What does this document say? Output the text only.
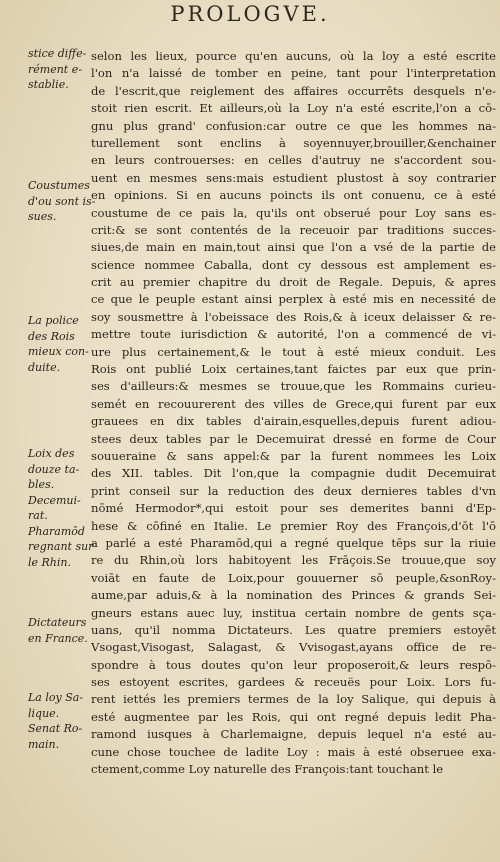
PROLOGVE.
stice diffe-
rément e-
stablie.
Coustumes
d'ou sont is-
sues.
La police
des Rois
mieux con-
duite.
Loix des
douze ta-
bles.
Decemui-
rat.
Pharamōd
regnant sur
le Rhin.
Dictateurs
en France.
La loy Sa-
lique.
Senat Ro-
main.
selon les lieux, pource qu'en aucuns, où la loy a esté escrite
l'on n'a laissé de tomber en peine, tant pour l'interpretation
de l'escrit,que reiglement des affaires occurrēts desquels n'e-
stoit rien escrit. Et ailleurs,où la Loy n'a esté escrite,l'on a cō-
gnu plus grand' confusion:car outre ce que les hommes na-
turellement sont enclins à soyennuyer,brouiller,&enchainer
en leurs controuerses: en celles d'autruy ne s'accordent sou-
uent en mesmes sens:mais estudient plustost à soy contrarier
en opinions. Si en aucuns poincts ils ont conuenu, ce à esté
coustume de ce pais la, qu'ils ont obserué pour Loy sans es-
crit:& se sont contentés de la receuoir par traditions succes-
siues,de main en main,tout ainsi que l'on a vsé de la partie de
science nommee Caballa, dont cy dessous est amplement es-
crit au premier chapitre du droit de Regale. Depuis, & apres
ce que le peuple estant ainsi perplex à esté mis en necessité de
soy sousmettre à l'obeissace des Rois,& à iceux delaisser & re-
mettre toute iurisdiction & autorité, l'on a commencé de vi-
ure plus certainement,& le tout à esté mieux conduit. Les
Rois ont publié Loix certaines,tant faictes par eux que prin-
ses d'ailleurs:& mesmes se trouue,que les Rommains curieu-
semét en recouurerent des villes de Grece,qui furent par eux
grauees en dix tables d'airain,esquelles,depuis furent adiou-
stees deux tables par le Decemuirat dressé en forme de Cour
souueraine & sans appel:& par la furent nommees les Loix
des XII. tables. Dit l'on,que la compagnie dudit Decemuirat
print conseil sur la reduction des deux dernieres tables d'vn
nōmé Hermodor*,qui estoit pour ses demerites banni d'Ep-
hese & cōfiné en Italie. Le premier Roy des François,d'ōt l'ō
a parlé a esté Pharamōd,qui a regné quelque tēps sur la riuie
re du Rhin,où lors habitoyent les Frāçois.Se trouue,que soy
voiāt en faute de Loix,pour gouuerner sō peuple,&sonRoy-
aume,par aduis,& à la nomination des Princes & grands Sei-
gneurs estans auec luy, institua certain nombre de gents sça-
uans, qu'il nomma Dictateurs. Les quatre premiers estoyēt
Vsogast,Visogast, Salagast, & Vvisogast,ayans office de re-
spondre à tous doutes qu'on leur proposeroit,& leurs respō-
ses estoyent escrites, gardees & receuës pour Loix. Lors fu-
rent iettés les premiers termes de la loy Salique, qui depuis à
esté augmentee par les Rois, qui ont regné depuis ledit Pha-
ramond iusques à Charlemaigne, depuis lequel n'a esté au-
cune chose touchee de ladite Loy : mais à esté obseruee exa-
ctement,comme Loy naturelle des François:tant touchant le
